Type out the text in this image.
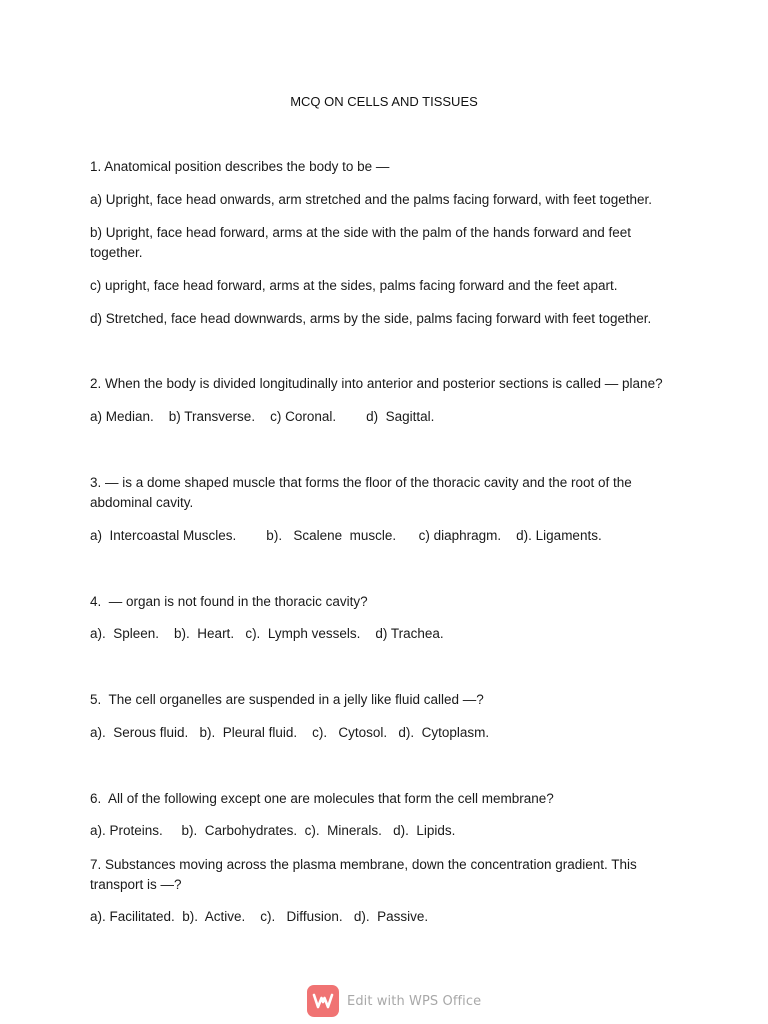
MCQ ON CELLS AND TISSUES
1. Anatomical position describes the body to be —
a) Upright, face head onwards, arm stretched and the palms facing forward, with feet together.
b) Upright, face head forward, arms at the side with the palm of the hands forward and feet together.
c) upright, face head forward, arms at the sides, palms facing forward and the feet apart.
d) Stretched, face head downwards, arms by the side, palms facing forward with feet together.
2. When the body is divided longitudinally into anterior and posterior sections is called — plane?
a) Median.    b) Transverse.    c) Coronal.        d)  Sagittal.
3. — is a dome shaped muscle that forms the floor of the thoracic cavity and the root of the abdominal cavity.
a)  Intercoastal Muscles.        b).   Scalene  muscle.      c) diaphragm.    d). Ligaments.
4.  — organ is not found in the thoracic cavity?
a).  Spleen.    b).  Heart.   c).  Lymph vessels.    d) Trachea.
5.  The cell organelles are suspended in a jelly like fluid called —?
a).  Serous fluid.   b).  Pleural fluid.    c).   Cytosol.   d).  Cytoplasm.
6.  All of the following except one are molecules that form the cell membrane?
a). Proteins.     b).  Carbohydrates.  c).  Minerals.   d).  Lipids.
7. Substances moving across the plasma membrane, down the concentration gradient. This transport is —?
a). Facilitated.  b).  Active.    c).   Diffusion.   d).  Passive.
Edit with WPS Office
